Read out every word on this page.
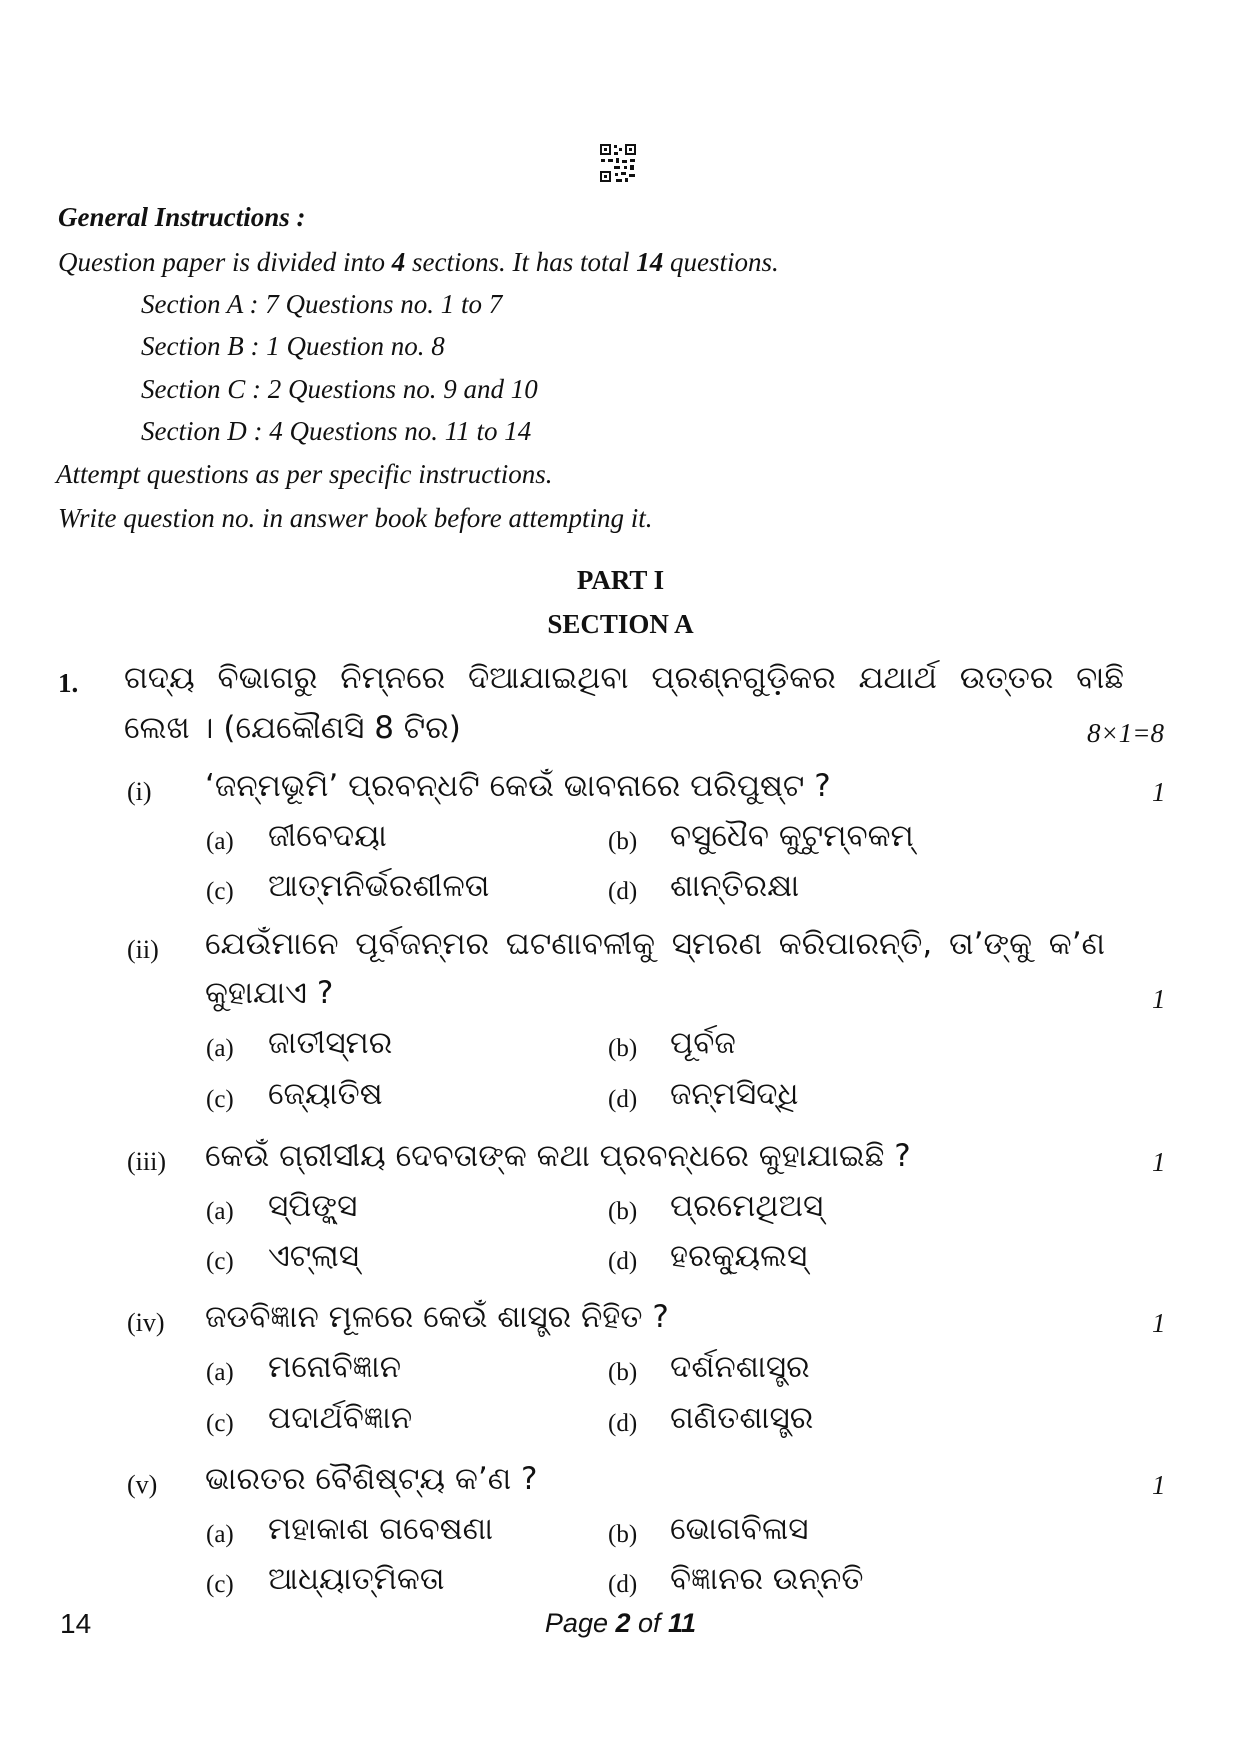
General Instructions :
Question paper is divided into 4 sections. It has total 14 questions.
Section A : 7 Questions no. 1 to 7
Section B : 1 Question no. 8
Section C : 2 Questions no. 9 and 10
Section D : 4 Questions no. 11 to 14
Attempt questions as per specific instructions.
Write question no. in answer book before attempting it.
PART I
SECTION A
1. ଗଦ୍ୟ ବିଭାଗରୁ ନିମ୍ନରେ ଦିଆଯାଇଥିବା ପ୍ରଶ୍ନଗୁଡ଼ିକର ଯଥାର୍ଥ ଉତ୍ତର ବାଛି
ଲେଖ । (ଯେକୌଣସି 8 ଟିର)	8×1=8
(i) ‘ଜନ୍ମଭୂମି’ ପ୍ରବନ୍ଧଟି କେଉଁ ଭାବନାରେ ପରିପୁଷ୍ଟ ?	1
(a) ଜୀବେଦୟା	(b) ବସୁଧୈବ କୁଟୁମ୍ବକମ୍
(c) ଆତ୍ମନିର୍ଭରଶୀଳତା	(d) ଶାନ୍ତିରକ୍ଷା
(ii) ଯେଉଁମାନେ ପୂର୍ବଜନ୍ମର ଘଟଣାବଳୀକୁ ସ୍ମରଣ କରିପାରନ୍ତି, ତା’ଙ୍କୁ କ’ଣ
କୁହାଯାଏ ?	1
(a) ଜାତୀସ୍ମର	(b) ପୂର୍ବଜ
(c) ଜ୍ୟୋତିଷ	(d) ଜନ୍ମସିଦ୍ଧି
(iii) କେଉଁ ଗ୍ରୀସୀୟ ଦେବତାଙ୍କ କଥା ପ୍ରବନ୍ଧରେ କୁହାଯାଇଛି ?	1
(a) ସ୍ପିଙ୍କ୍ସ	(b) ପ୍ରମେଥିଅସ୍
(c) ଏଟ୍‌ଲାସ୍	(d) ହରକ୍ୟୁଲସ୍
(iv) ଜଡବିଜ୍ଞାନ ମୂଳରେ କେଉଁ ଶାସ୍ତ୍ର ନିହିତ ?	1
(a) ମନୋବିଜ୍ଞାନ	(b) ଦର୍ଶନଶାସ୍ତ୍ର
(c) ପଦାର୍ଥବିଜ୍ଞାନ	(d) ଗଣିତଶାସ୍ତ୍ର
(v) ଭାରତର ବୈଶିଷ୍ଟ୍ୟ କ’ଣ ?	1
(a) ମହାକାଶ ଗବେଷଣା	(b) ଭୋଗବିଳାସ
(c) ଆଧ୍ୟାତ୍ମିକତା	(d) ବିଜ୍ଞାନର ଉନ୍ନତି
14	Page 2 of 11
